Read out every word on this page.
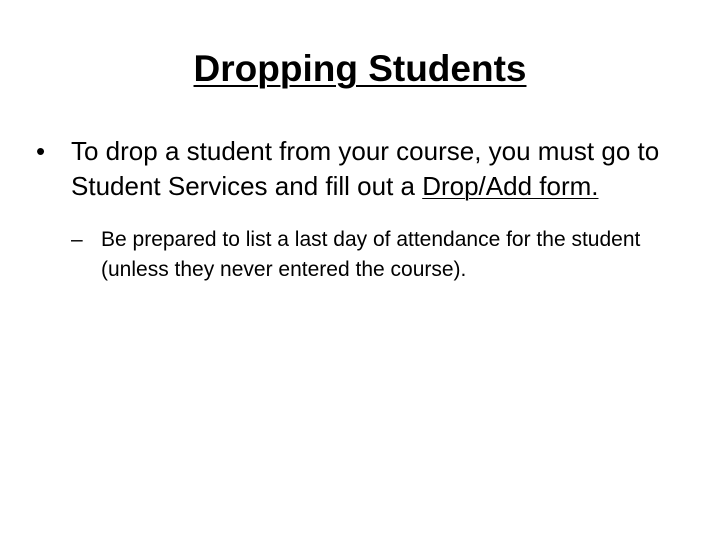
Dropping Students

• To drop a student from your course, you must go to Student Services and fill out a Drop/Add form.

– Be prepared to list a last day of attendance for the student (unless they never entered the course).
